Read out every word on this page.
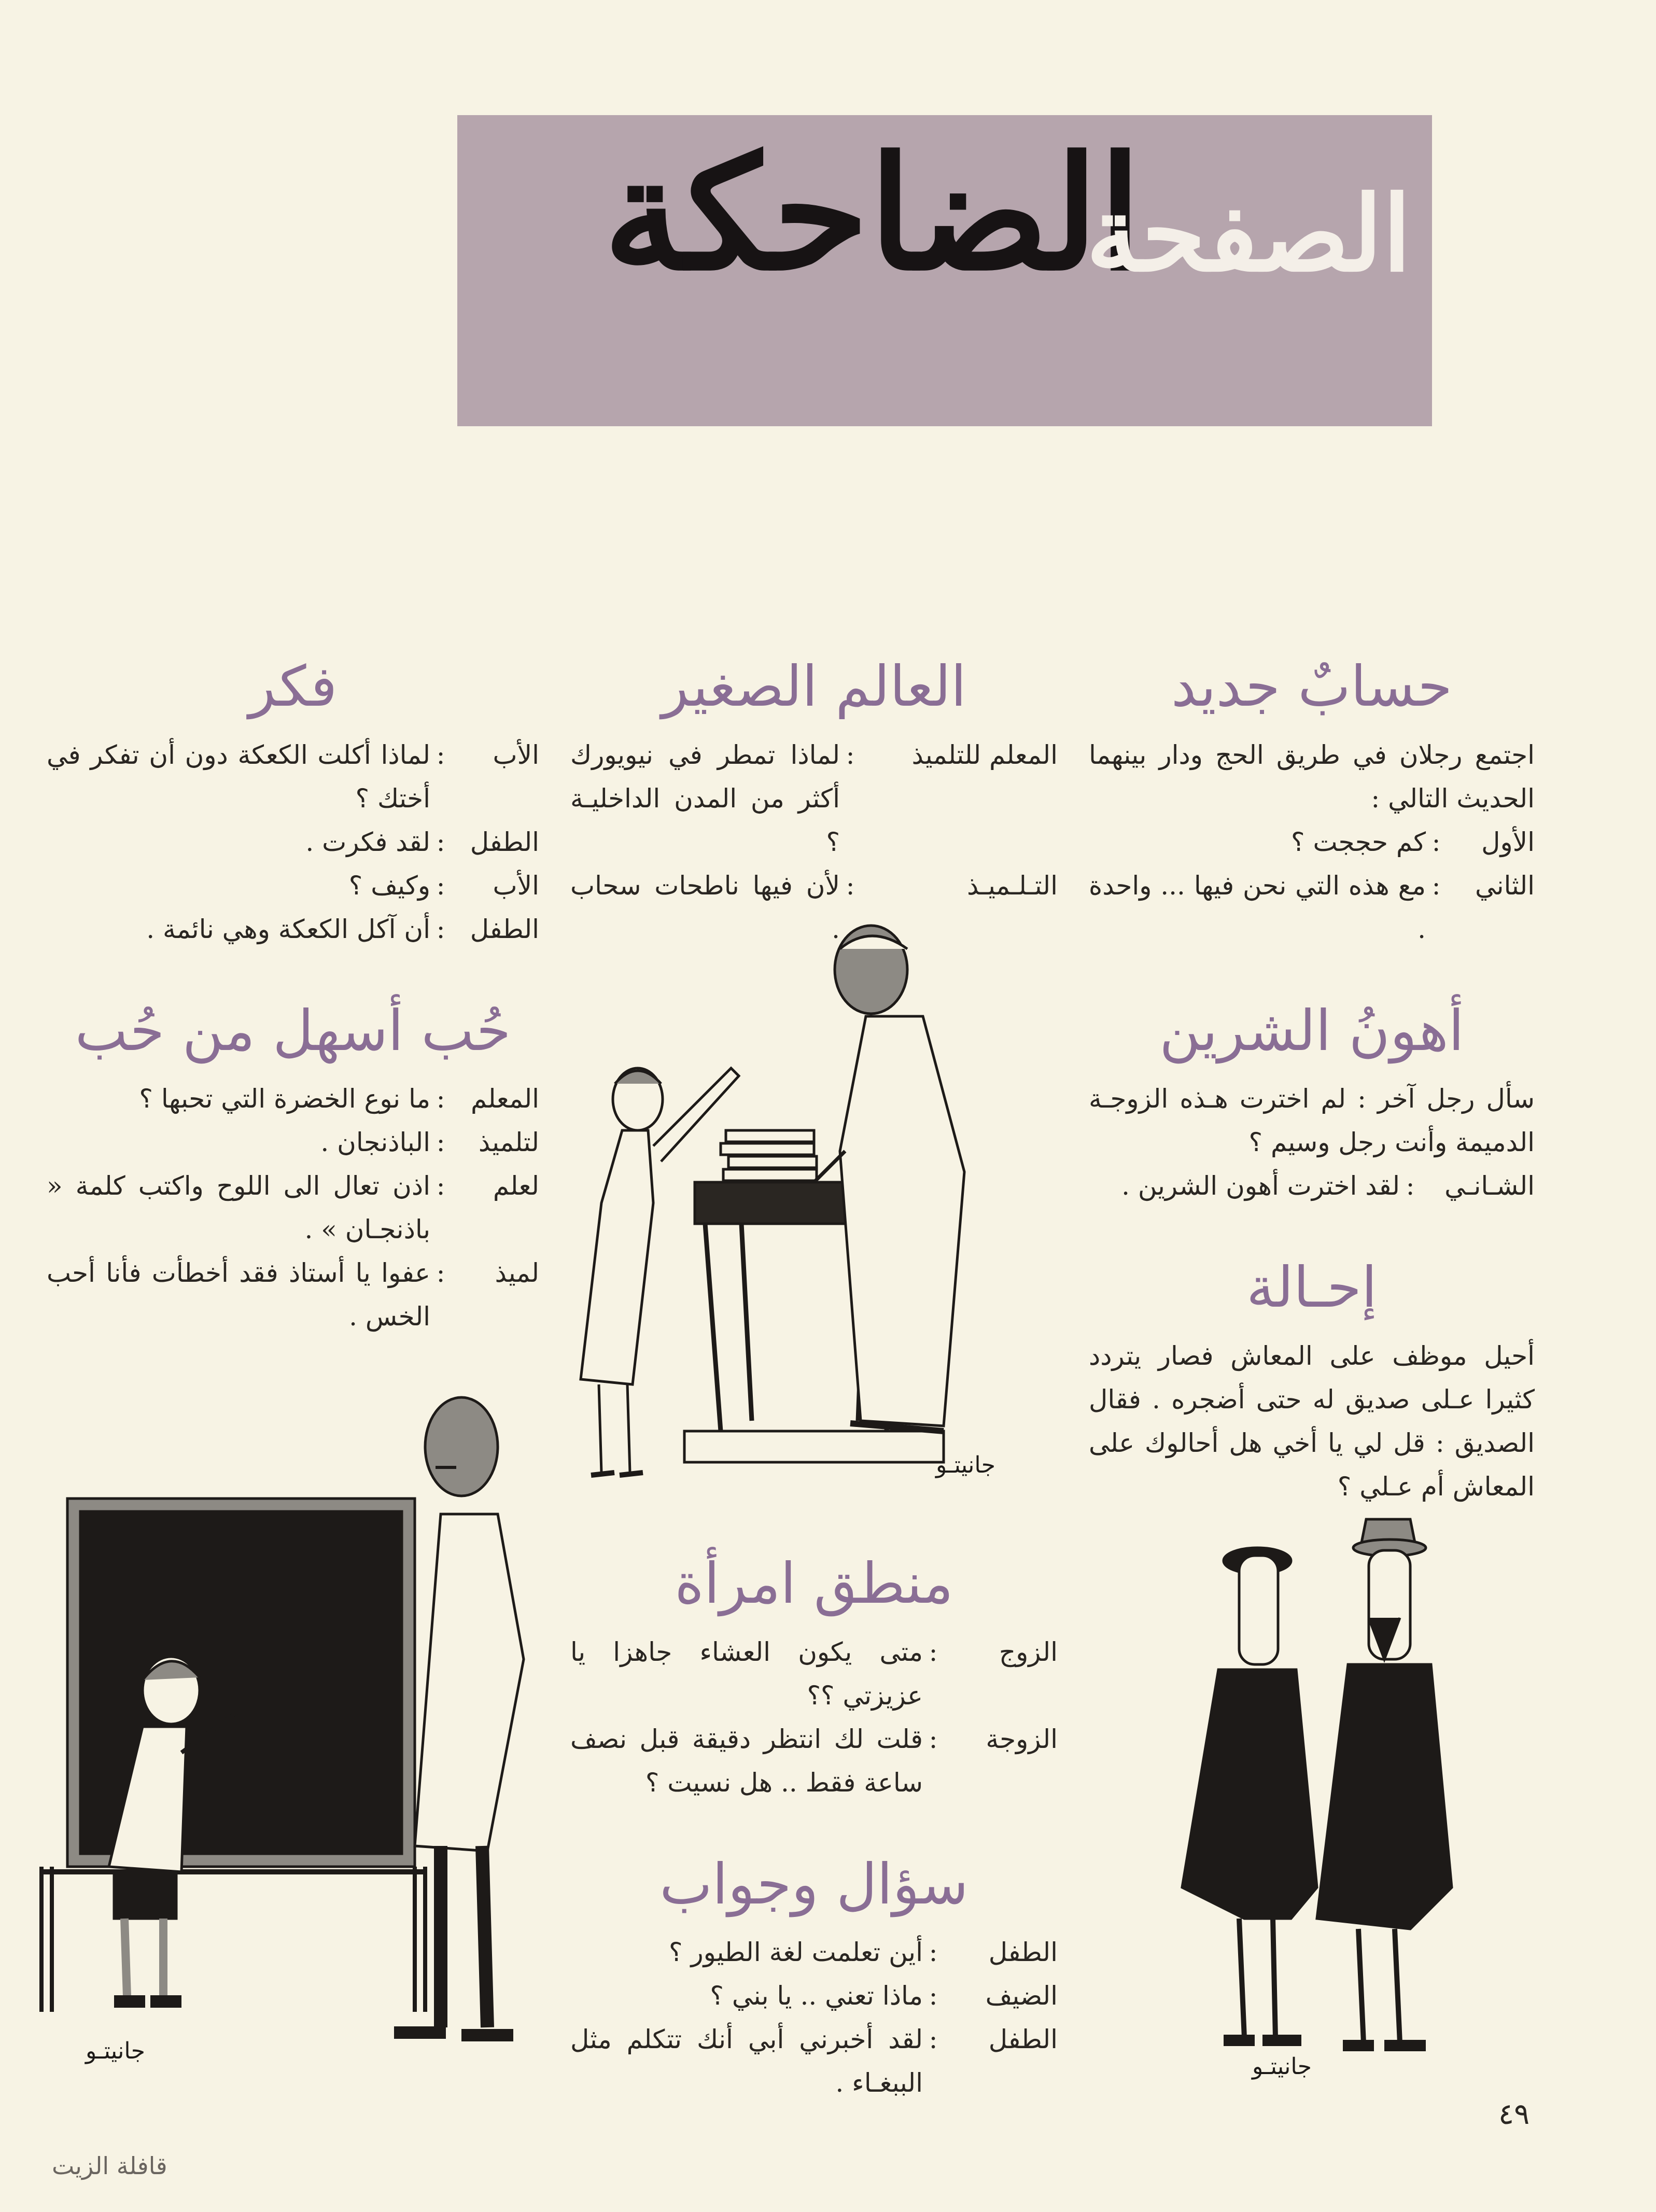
الضاحكة
الصفحة
حسابٌ جديد
اجتمع رجلان في طريق الحج ودار بينهما الحديث التالي :
الأول
:
كم حججت ؟
الثاني
:
مع هذه التي نحن فيها ... واحدة .
أهونُ الشرين
سأل رجل آخر : لم اخترت هـذه الزوجـة الدميمة وأنت رجل وسيم ؟
الشـانـي
:
لقد اخترت أهون الشرين .
إحـالة
أحيل موظف على المعاش فصار يتردد كثيرا عـلى صديق له حتى أضجره . فقال الصديق : قل لي يا أخي هل أحالوك على المعاش أم عـلي ؟
العالم الصغير
المعلم للتلميذ
:
لماذا تمطر في نيويورك أكثر من المدن الداخليـة ؟
التـلـميـذ
:
لأن فيها ناطحات سحاب .
منطق امرأة
الزوج
:
متى يكون العشاء جاهزا يا عزيزتي ؟؟
الزوجة
:
قلت لك انتظر دقيقة قبل نصف ساعة فقط .. هل نسيت ؟
سؤال وجواب
الطفل
:
أين تعلمت لغة الطيور ؟
الضيف
:
ماذا تعني .. يا بني ؟
الطفل
:
لقد أخبرني أبي أنك تتكلم مثل الببغـاء .
فكر
الأب
:
لماذا أكلت الكعكة دون أن تفكر في أختك ؟
الطفل
:
لقد فكرت .
الأب
:
وكيف ؟
الطفل
:
أن آكل الكعكة وهي نائمة .
حُب أسهل من حُب
المعلم
:
ما نوع الخضرة التي تحبها ؟
لتلميذ
:
الباذنجان .
لعلم
:
اذن تعال الى اللوح واكتب كلمة « باذنجـان » .
لميذ
:
عفوا يا أستاذ فقد أخطأت فأنا أحب الخس .
جانيتـو
جانيتـو
جانيتـو
٤٩
قافلة الزيت
